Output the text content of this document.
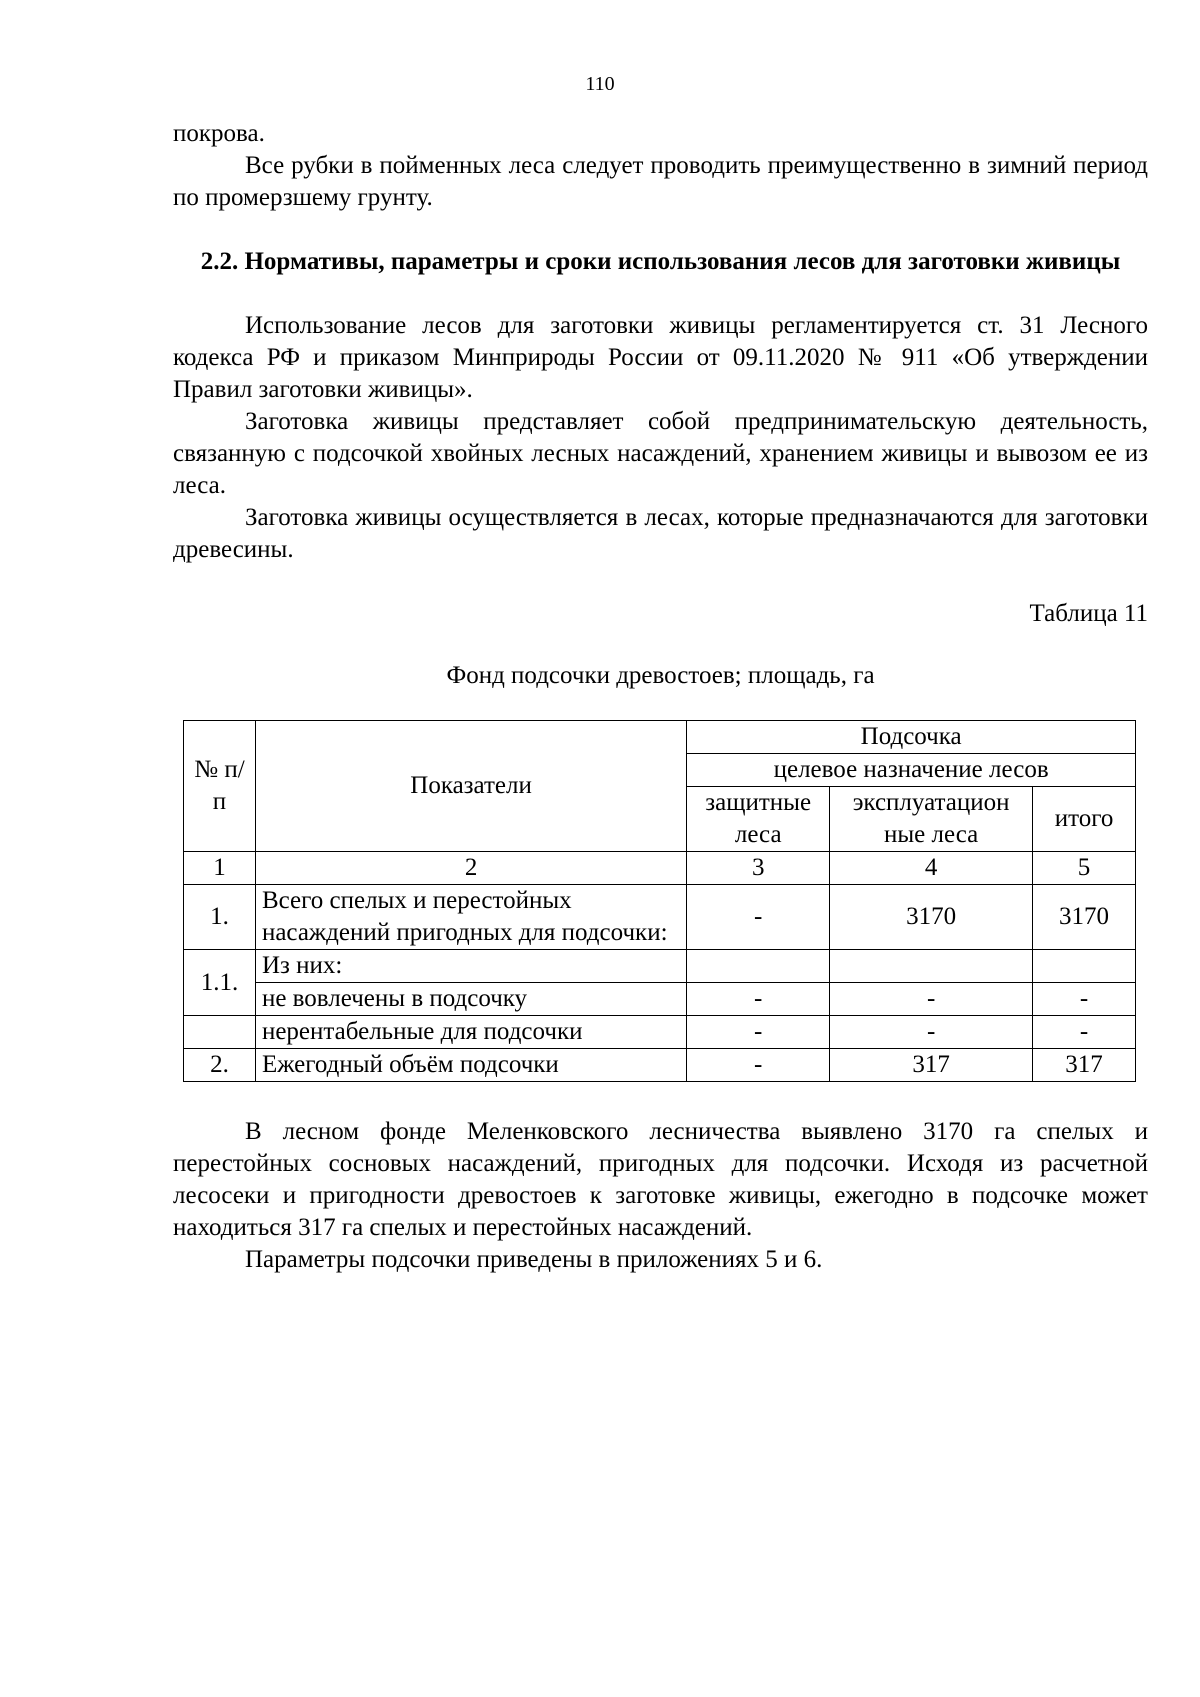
110

покрова.

Все рубки в пойменных леса следует проводить преимущественно в зимний период по промерзшему грунту.

2.2. Нормативы, параметры и сроки использования лесов для заготовки живицы

Использование лесов для заготовки живицы регламентируется ст. 31 Лесного кодекса РФ и приказом Минприроды России от 09.11.2020 № 911 «Об утверждении Правил заготовки живицы».

Заготовка живицы представляет собой предпринимательскую деятельность, связанную с подсочкой хвойных лесных насаждений, хранением живицы и вывозом ее из леса.

Заготовка живицы осуществляется в лесах, которые предназначаются для заготовки древесины.

Таблица 11
Фонд подсочки древостоев; площадь, га
№ п/п	Показатели	Подсочка		
		целевое назначение лесов		
		защитные леса	эксплуатацион ные леса	итого
1	2	3	4	5
1.	Всего спелых и перестойных насаждений пригодных для подсочки:	-	3170	3170
1.1.	Из них:			
	не вовлечены в подсочку	-	-	-
	нерентабельные для подсочки	-	-	-
2.	Ежегодный объём подсочки	-	317	317

В лесном фонде Меленковского лесничества выявлено 3170 га спелых и перестойных сосновых насаждений, пригодных для подсочки. Исходя из расчетной лесосеки и пригодности древостоев к заготовке живицы, ежегодно в подсочке может находиться 317 га спелых и перестойных насаждений.

Параметры подсочки приведены в приложениях 5 и 6.
